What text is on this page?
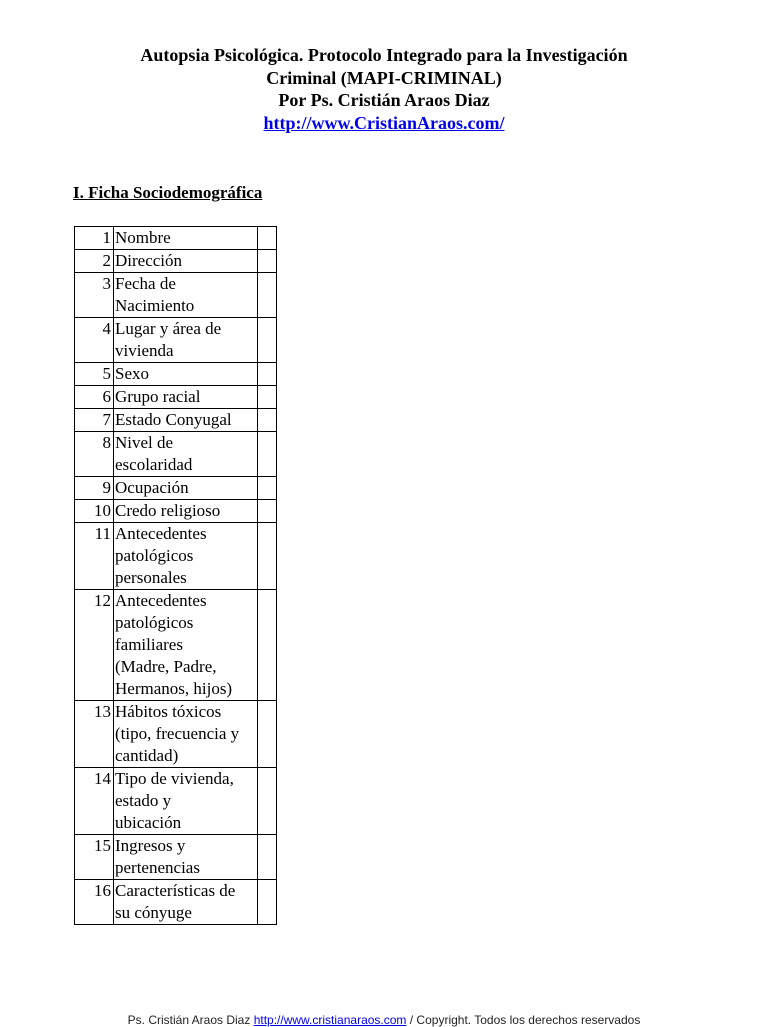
Autopsia Psicológica. Protocolo Integrado para la Investigación
Criminal (MAPI-CRIMINAL)
Por Ps. Cristián Araos Diaz
http://www.CristianAraos.com/
I. Ficha Sociodemográfica
1	Nombre	

2	Dirección	

3	Fecha de
Nacimiento	

4	Lugar y área de
vivienda	

5	Sexo	

6	Grupo racial	

7	Estado Conyugal	

8	Nivel de
escolaridad	

9	Ocupación	

10	Credo religioso	

11	Antecedentes
patológicos
personales	

12	Antecedentes
patológicos
familiares
(Madre, Padre,
Hermanos, hijos)	

13	Hábitos tóxicos
(tipo, frecuencia y
cantidad)	

14	Tipo de vivienda,
estado y
ubicación	

15	Ingresos y
pertenencias	

16	Características de
su cónyuge	

Ps. Cristián Araos Diaz http://www.cristianaraos.com / Copyright. Todos los derechos reservados
